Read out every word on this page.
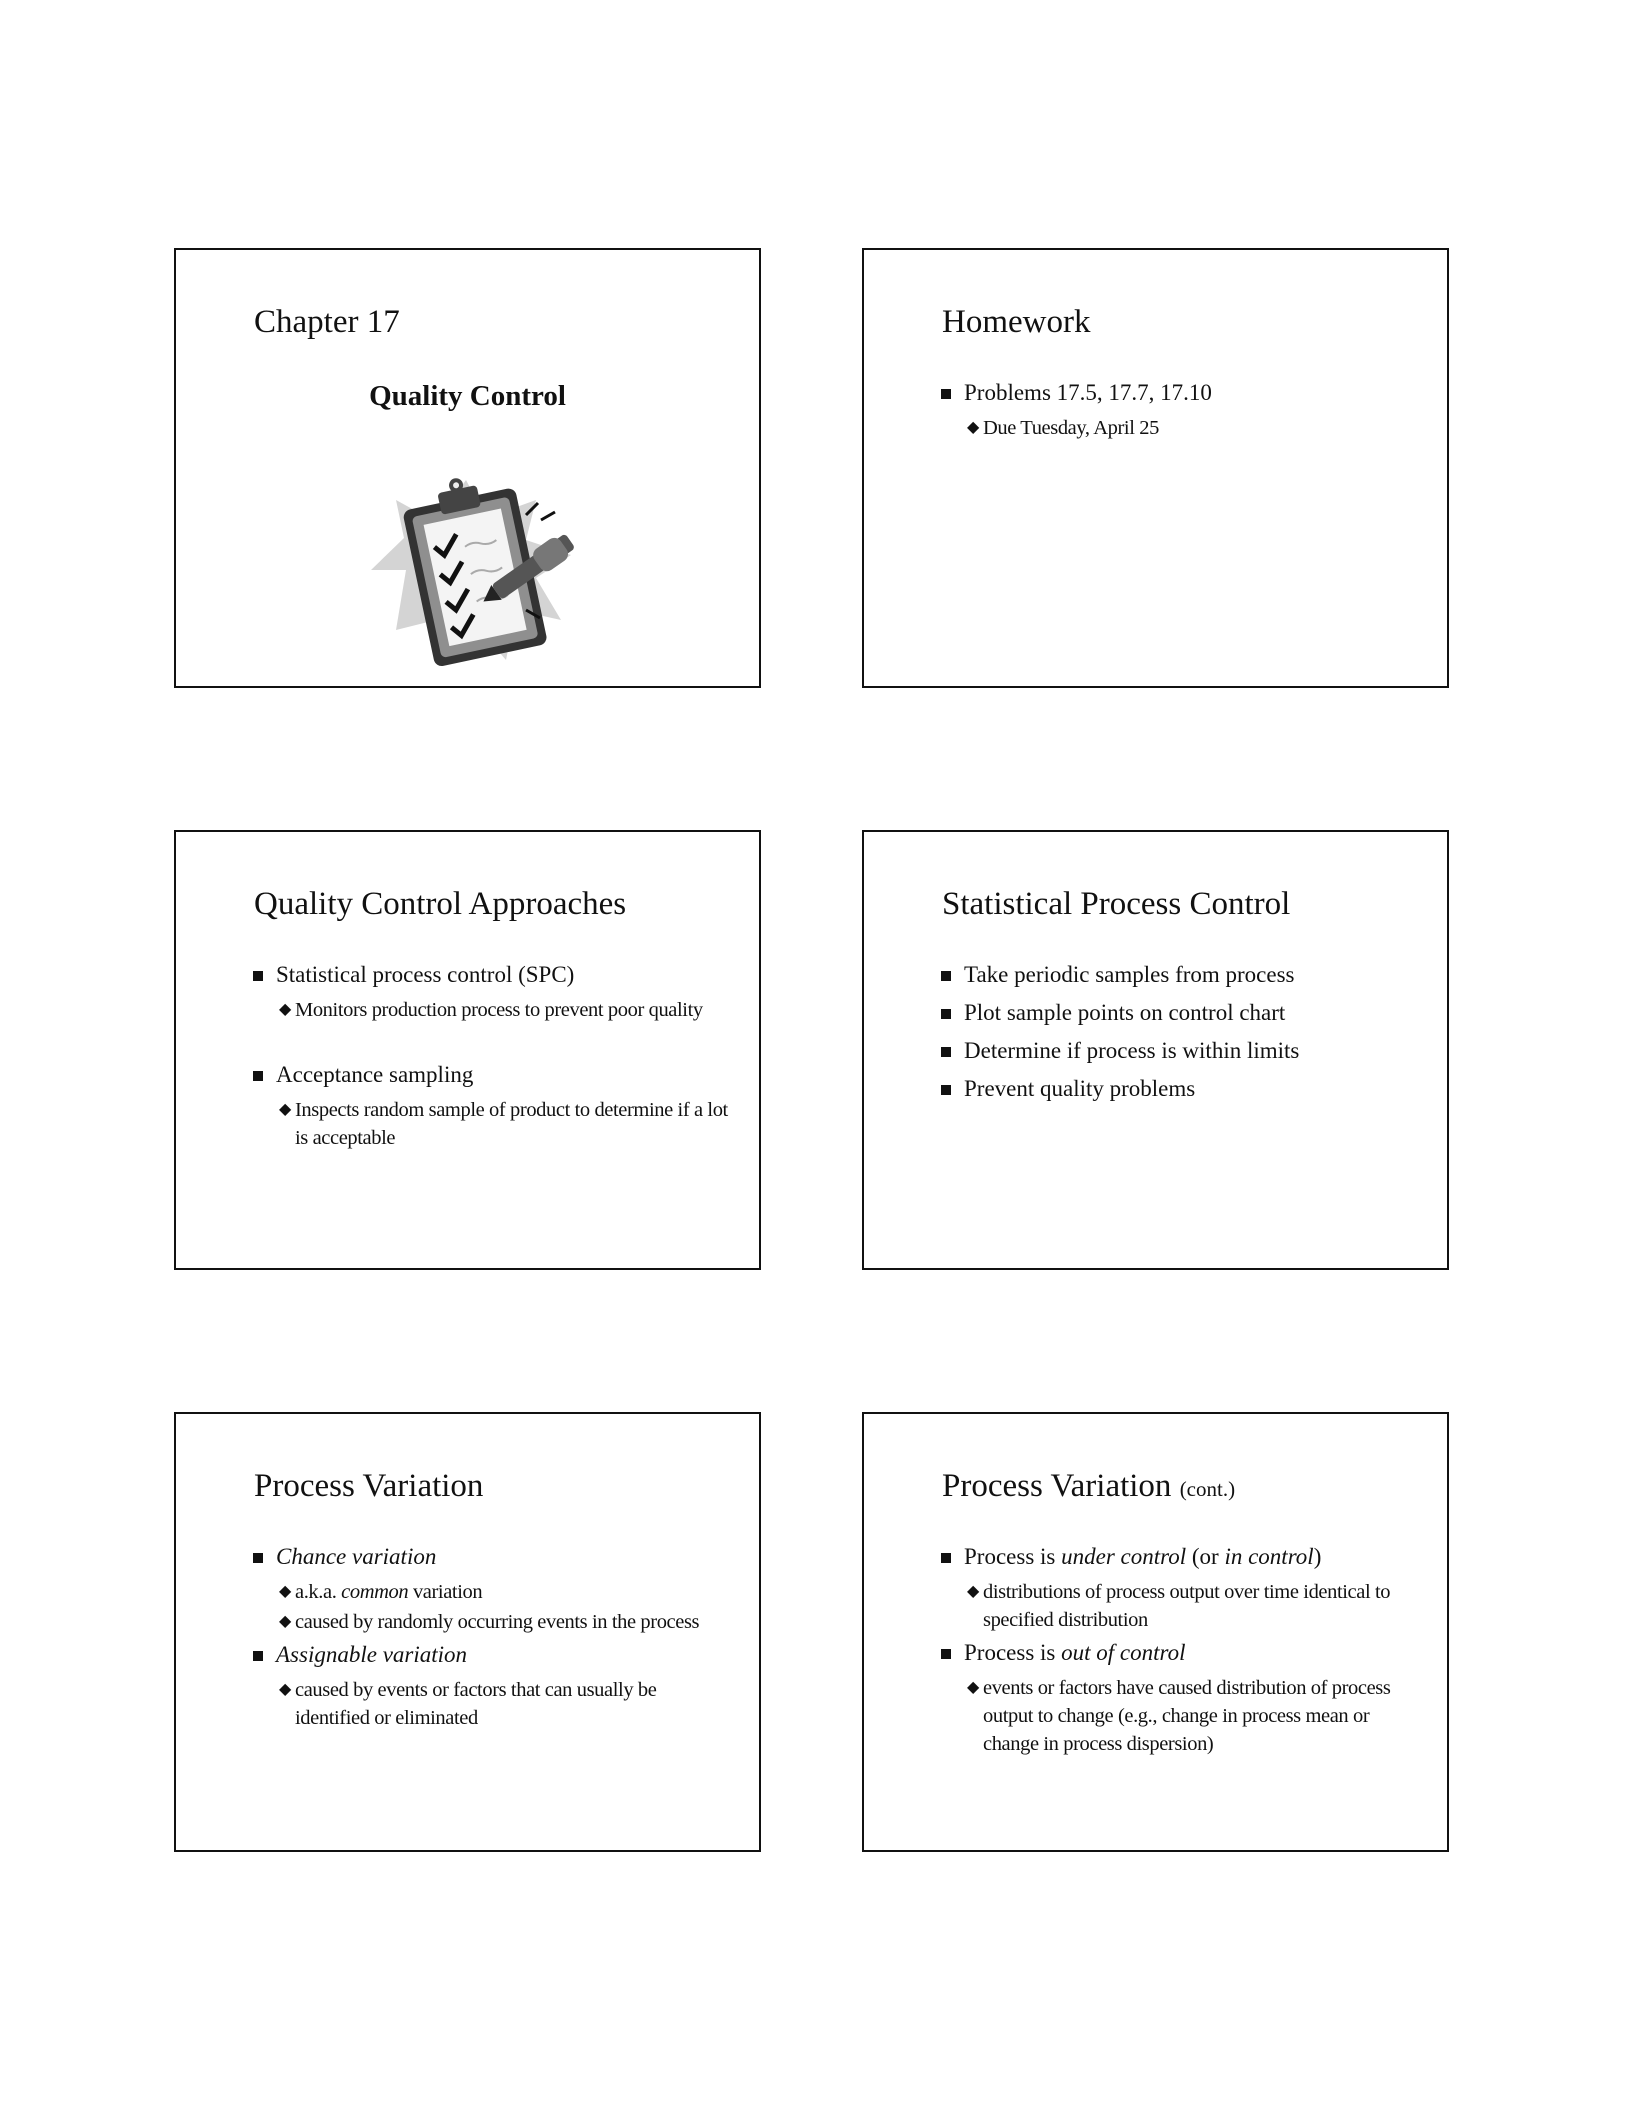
Chapter 17
Quality Control
Homework
Problems 17.5, 17.7, 17.10
◆ Due Tuesday, April 25
Quality Control Approaches
Statistical process control (SPC)
◆ Monitors production process to prevent poor quality
Acceptance sampling
◆ Inspects random sample of product to determine if a lot is acceptable
Statistical Process Control
Take periodic samples from process
Plot sample points on control chart
Determine if process is within limits
Prevent quality problems
Process Variation
Chance variation
◆ a.k.a. common variation
◆ caused by randomly occurring events in the process
Assignable variation
◆ caused by events or factors that can usually be identified or eliminated
Process Variation (cont.)
Process is under control (or in control)
◆ distributions of process output over time identical to specified distribution
Process is out of control
◆ events or factors have caused distribution of process output to change (e.g., change in process mean or change in process dispersion)
